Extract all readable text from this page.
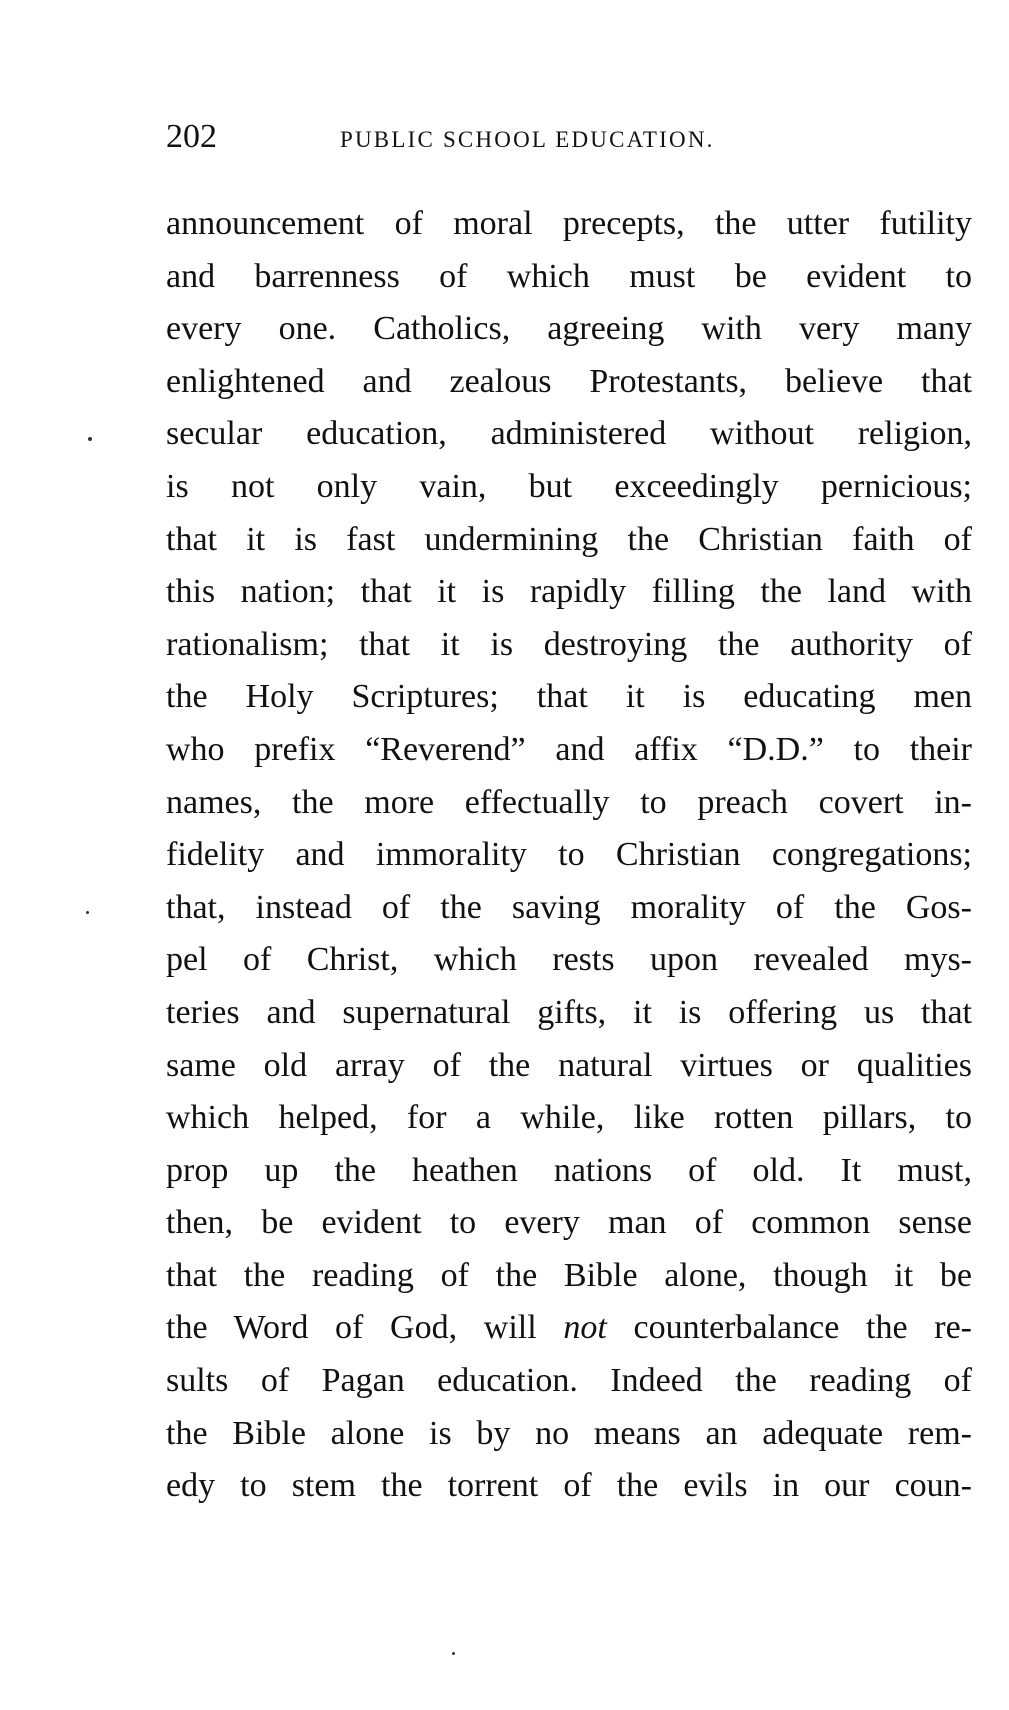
202	PUBLIC SCHOOL EDUCATION.
announcement of moral precepts, the utter futility
and barrenness of which must be evident to
every one. Catholics, agreeing with very many
enlightened and zealous Protestants, believe that
secular education, administered without religion,
is not only vain, but exceedingly pernicious;
that it is fast undermining the Christian faith of
this nation; that it is rapidly filling the land with
rationalism; that it is destroying the authority of
the Holy Scriptures; that it is educating men
who prefix “Reverend” and affix “D.D.” to their
names, the more effectually to preach covert in-
fidelity and immorality to Christian congregations;
that, instead of the saving morality of the Gos-
pel of Christ, which rests upon revealed mys-
teries and supernatural gifts, it is offering us that
same old array of the natural virtues or qualities
which helped, for a while, like rotten pillars, to
prop up the heathen nations of old. It must,
then, be evident to every man of common sense
that the reading of the Bible alone, though it be
the Word of God, will not counterbalance the re-
sults of Pagan education. Indeed the reading of
the Bible alone is by no means an adequate rem-
edy to stem the torrent of the evils in our coun-
